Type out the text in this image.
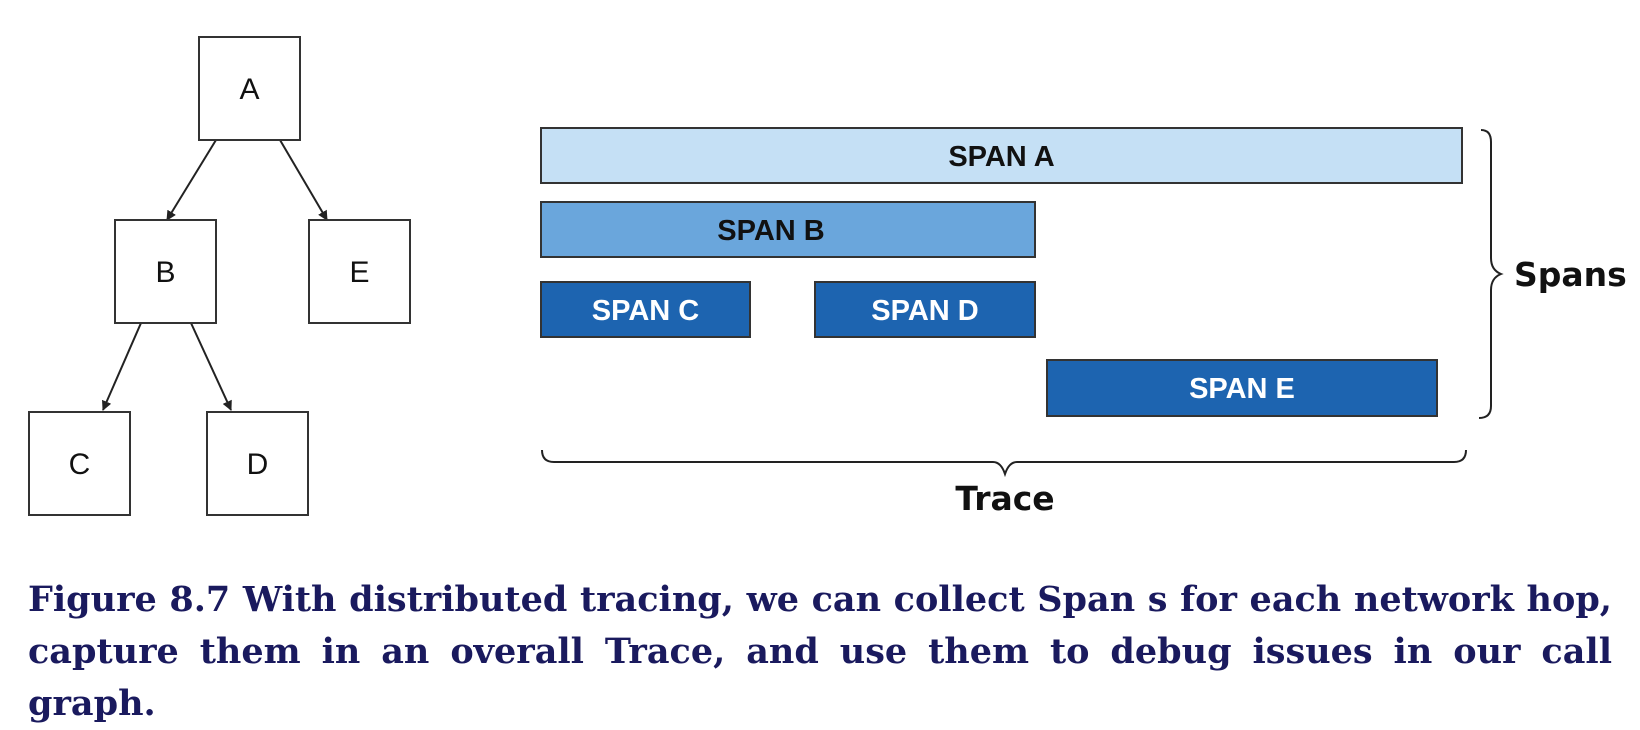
A
B	E
C	D
SPAN A
SPAN B
SPAN C	SPAN D
SPAN E
Spans
Trace
Figure 8.7 With distributed tracing, we can collect Span s for each network hop, capture them in an overall Trace, and use them to debug issues in our call graph.
